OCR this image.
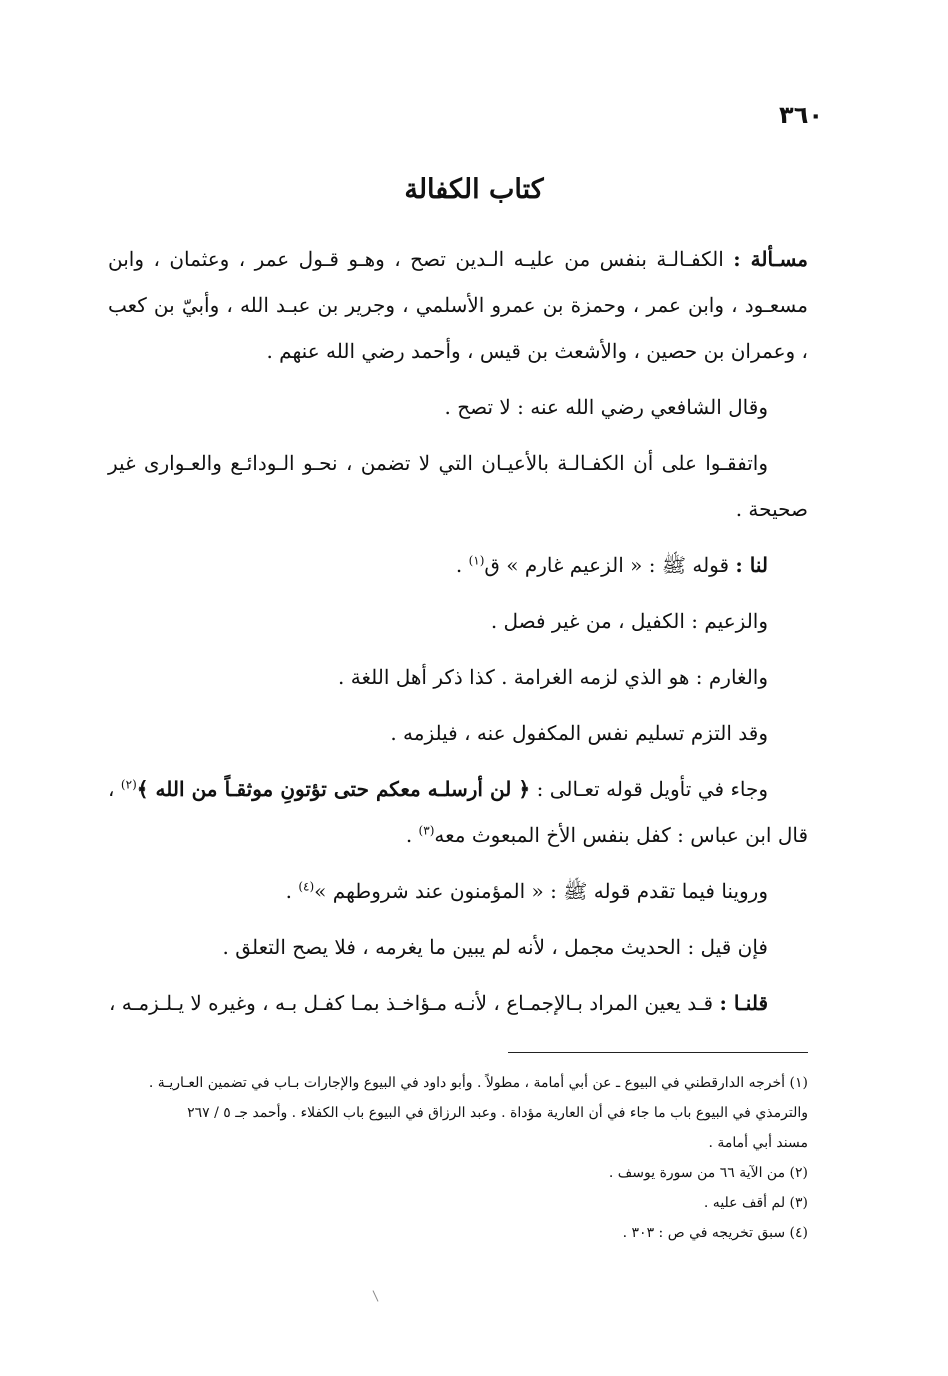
٣٦٠
كتاب الكفالة

مسـألة : الكفـالـة بنفس من عليـه الـدين تصح ، وهـو قـول عمر ، وعثمان ، وابن مسعـود ، وابن عمر ، وحمزة بن عمرو الأسلمي ، وجرير بن عبـد الله ، وأبيّ بن كعب ، وعمران بن حصين ، والأشعث بن قيس ، وأحمد رضي الله عنهم .

وقال الشافعي رضي الله عنه : لا تصح .

واتفقـوا على أن الكفـالـة بالأعيـان التي لا تضمن ، نحـو الـودائـع والعـوارى غير صحيحة .

لنا : قوله ﷺ : « الزعيم غارم » ق$^{(١)}$ .

والزعيم : الكفيل ، من غير فصل .

والغارم : هو الذي لزمه الغرامة . كذا ذكر أهل اللغة .

وقد التزم تسليم نفس المكفول عنه ، فيلزمه .

وجاء في تأويل قوله تعـالى : ﴿ لن أرسلـه معكم حتى تؤتونِ موثقـاً من الله ﴾$^{(٢)}$ ، قال ابن عباس : كفل بنفس الأخ المبعوث معه$^{(٣)}$ .

وروينا فيما تقدم قوله ﷺ : « المؤمنون عند شروطهم »$^{(٤)}$ .

فإن قيل : الحديث مجمل ، لأنه لم يبين ما يغرمه ، فلا يصح التعلق .

قلنـا : قـد يعين المراد بـالإجمـاع ، لأنـه مـؤاخـذ بمـا كفـل بـه ، وغيره لا يـلـزمـه ،

(١) أخرجه الدارقطني في البيوع ـ عن أبي أمامة ، مطولاً . وأبو داود في البيوع والإجارات بـاب في تضمين العـاريـة .

والترمذي في البيوع باب ما جاء في أن العارية مؤداة . وعبد الرزاق في البيوع باب الكفلاء . وأحمد جـ ٥ / ٢٦٧

مسند أبي أمامة .

(٢) من الآية ٦٦ من سورة يوسف .

(٣) لم أقف عليه .

(٤) سبق تخريجه في ص : ٣٠٣ .
